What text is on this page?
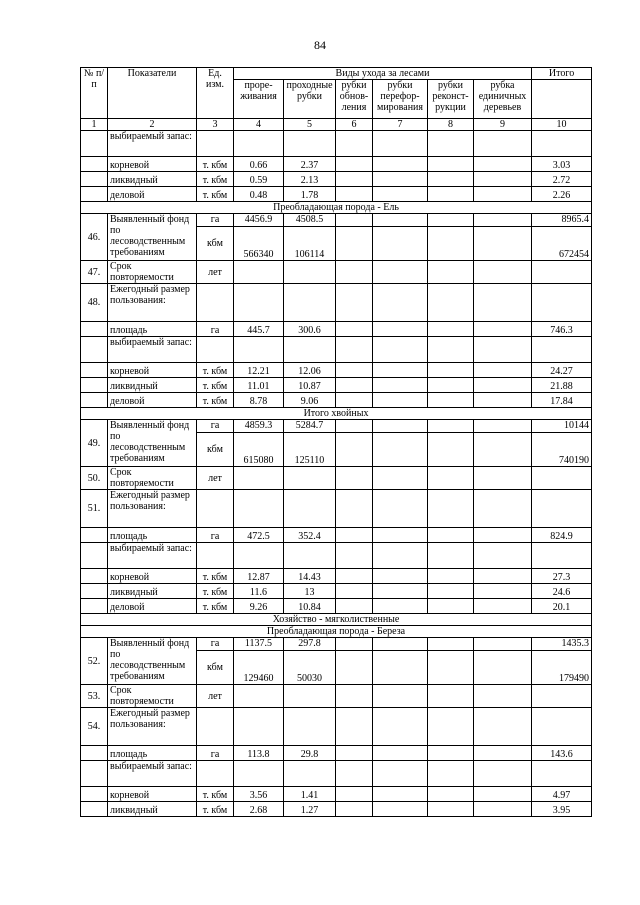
84
№ п/п	Показатели	Ед. изм.	Виды ухода за лесами						Итого
			проре-живания	проходные рубки	рубки обнов-ления	рубки перефор-мирования	рубки реконст-рукции	рубка единичных деревьев	
1	2	3	4	5	6	7	8	9	10
	выбираемый запас:								
	корневой	т. кбм	0.66	2.37					3.03
	ликвидный	т. кбм	0.59	2.13					2.72
	деловой	т. кбм	0.48	1.78					2.26
Преобладающая порода - Ель									
46.	Выявленный фонд по лесоводственным требованиям	га	4456.9	4508.5					8965.4
		кбм	566340	106114					672454
47.	Срок повторяемости	лет							
48.	Ежегодный размер пользования:								
	площадь	га	445.7	300.6					746.3
	выбираемый запас:								
	корневой	т. кбм	12.21	12.06					24.27
	ликвидный	т. кбм	11.01	10.87					21.88
	деловой	т. кбм	8.78	9.06					17.84
Итого хвойных									
49.	Выявленный фонд по лесоводственным требованиям	га	4859.3	5284.7					10144
		кбм	615080	125110					740190
50.	Срок повторяемости	лет							
51.	Ежегодный размер пользования:								
	площадь	га	472.5	352.4					824.9
	выбираемый запас:								
	корневой	т. кбм	12.87	14.43					27.3
	ликвидный	т. кбм	11.6	13					24.6
	деловой	т. кбм	9.26	10.84					20.1
Хозяйство - мягколиственные									
Преобладающая порода - Береза									
52.	Выявленный фонд по лесоводственным требованиям	га	1137.5	297.8					1435.3
		кбм	129460	50030					179490
53.	Срок повторяемости	лет							
54.	Ежегодный размер пользования:								
	площадь	га	113.8	29.8					143.6
	выбираемый запас:								
	корневой	т. кбм	3.56	1.41					4.97
	ликвидный	т. кбм	2.68	1.27					3.95
